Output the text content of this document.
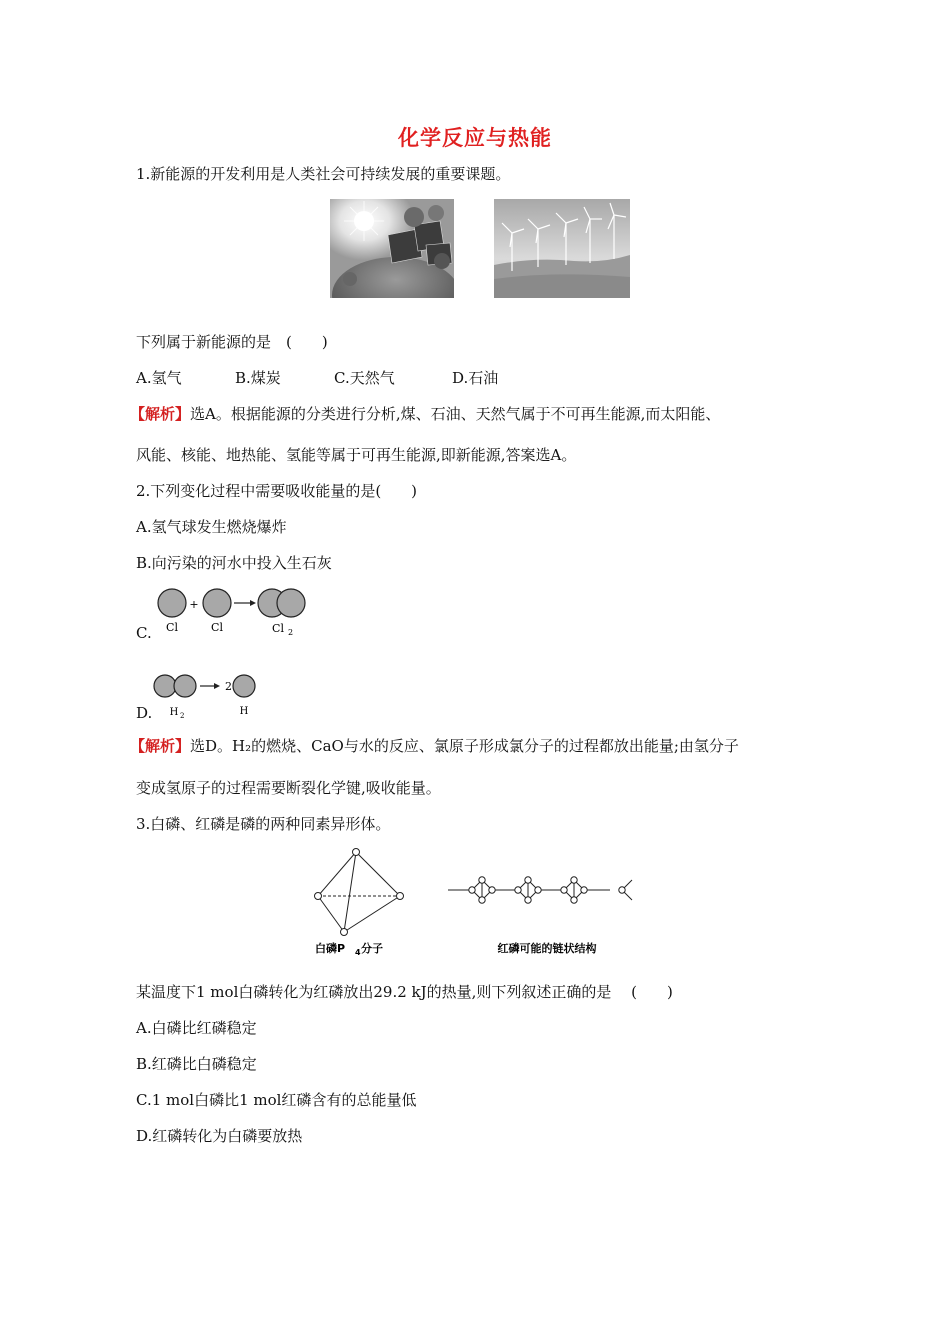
化学反应与热能
1.新能源的开发利用是人类社会可持续发展的重要课题。
下列属于新能源的是　(　　)
A.氢气	B.煤炭	C.天然气	D.石油
【解析】选A。根据能源的分类进行分析,煤、石油、天然气属于不可再生能源,而太阳能、
风能、核能、地热能、氢能等属于可再生能源,即新能源,答案选A。
2.下列变化过程中需要吸收能量的是(　　)
A.氢气球发生燃烧爆炸
B.向污染的河水中投入生石灰
+
Cl	Cl	Cl 2
C.
2
H 2	H
D.
【解析】选D。H₂的燃烧、CaO与水的反应、氯原子形成氯分子的过程都放出能量;由氢分子
变成氢原子的过程需要断裂化学键,吸收能量。
3.白磷、红磷是磷的两种同素异形体。
白磷P 4 分子	红磷可能的链状结构
某温度下1 mol白磷转化为红磷放出29.2 kJ的热量,则下列叙述正确的是　 (　　)
A.白磷比红磷稳定
B.红磷比白磷稳定
C.1 mol白磷比1 mol红磷含有的总能量低
D.红磷转化为白磷要放热
